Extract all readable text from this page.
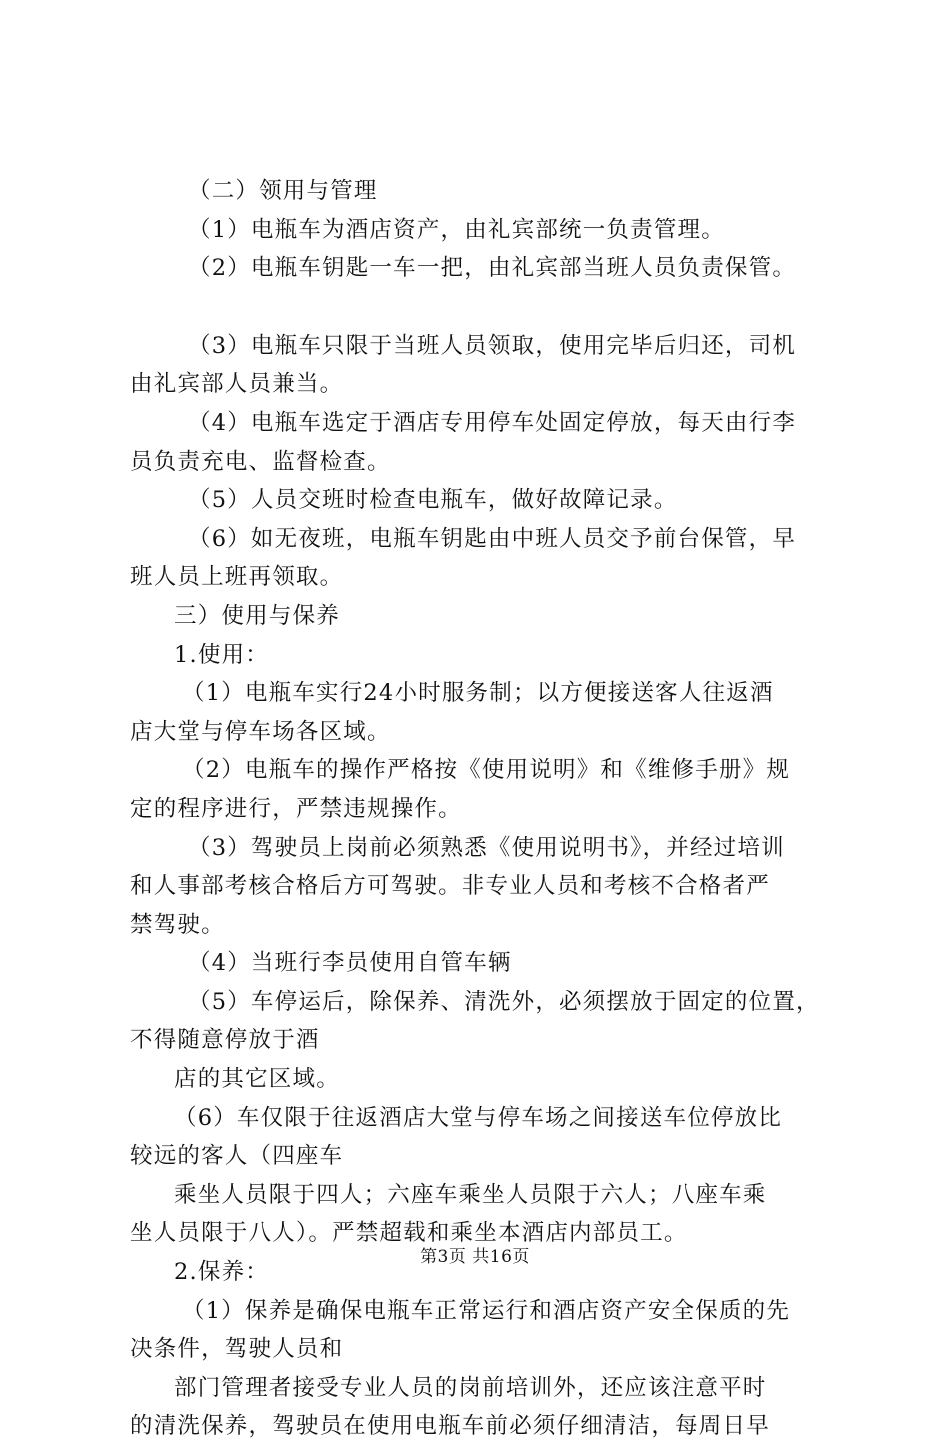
（二）领用与管理
（1）电瓶车为酒店资产，由礼宾部统一负责管理。
（2）电瓶车钥匙一车一把，由礼宾部当班人员负责保管。
（3）电瓶车只限于当班人员领取，使用完毕后归还，司机
由礼宾部人员兼当。
（4）电瓶车选定于酒店专用停车处固定停放，每天由行李
员负责充电、监督检查。
（5）人员交班时检查电瓶车，做好故障记录。
（6）如无夜班，电瓶车钥匙由中班人员交予前台保管，早
班人员上班再领取。
三）使用与保养
1.使用：
（1）电瓶车实行24小时服务制；以方便接送客人往返酒
店大堂与停车场各区域。
（2）电瓶车的操作严格按《使用说明》和《维修手册》规
定的程序进行，严禁违规操作。
（3）驾驶员上岗前必须熟悉《使用说明书》，并经过培训
和人事部考核合格后方可驾驶。非专业人员和考核不合格者严
禁驾驶。
（4）当班行李员使用自管车辆
（5）车停运后，除保养、清洗外，必须摆放于固定的位置，
不得随意停放于酒
店的其它区域。
（6）车仅限于往返酒店大堂与停车场之间接送车位停放比
较远的客人（四座车
乘坐人员限于四人；六座车乘坐人员限于六人；八座车乘
坐人员限于八人）。严禁超载和乘坐本酒店内部员工。
2.保养：
（1）保养是确保电瓶车正常运行和酒店资产安全保质的先
决条件，驾驶人员和
部门管理者接受专业人员的岗前培训外，还应该注意平时
的清洗保养，驾驶员在使用电瓶车前必须仔细清洁，每周日早
第3页 共16页
